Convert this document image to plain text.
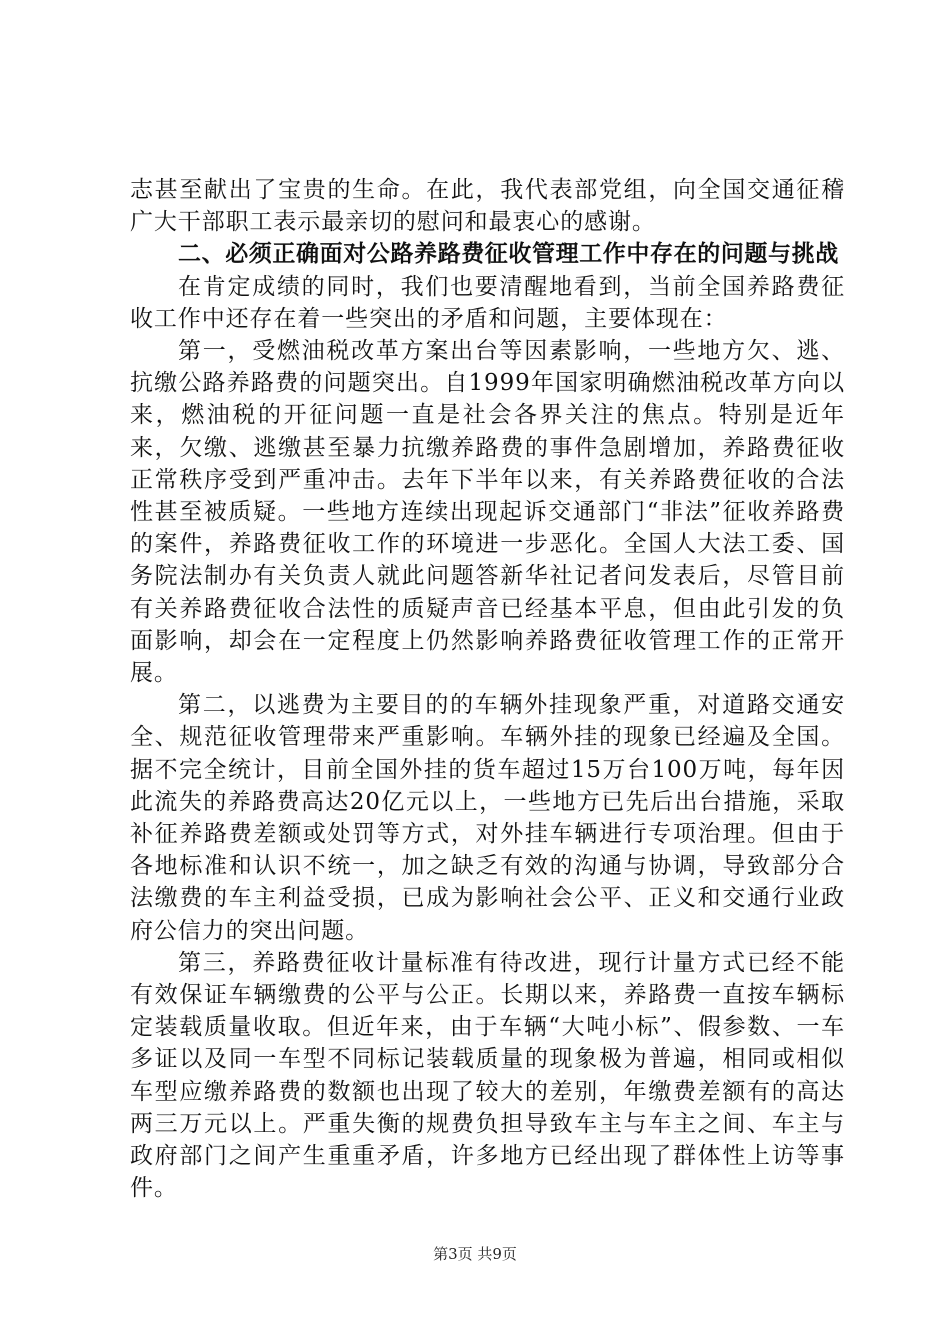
志甚至献出了宝贵的生命。在此，我代表部党组，向全国交通征稽广大干部职工表示最亲切的慰问和最衷心的感谢。

二、必须正确面对公路养路费征收管理工作中存在的问题与挑战

在肯定成绩的同时，我们也要清醒地看到，当前全国养路费征收工作中还存在着一些突出的矛盾和问题，主要体现在：

第一，受燃油税改革方案出台等因素影响，一些地方欠、逃、抗缴公路养路费的问题突出。自1999年国家明确燃油税改革方向以来，燃油税的开征问题一直是社会各界关注的焦点。特别是近年来，欠缴、逃缴甚至暴力抗缴养路费的事件急剧增加，养路费征收正常秩序受到严重冲击。去年下半年以来，有关养路费征收的合法性甚至被质疑。一些地方连续出现起诉交通部门“非法”征收养路费的案件，养路费征收工作的环境进一步恶化。全国人大法工委、国务院法制办有关负责人就此问题答新华社记者问发表后，尽管目前有关养路费征收合法性的质疑声音已经基本平息，但由此引发的负面影响，却会在一定程度上仍然影响养路费征收管理工作的正常开展。

第二，以逃费为主要目的的车辆外挂现象严重，对道路交通安全、规范征收管理带来严重影响。车辆外挂的现象已经遍及全国。据不完全统计，目前全国外挂的货车超过15万台100万吨，每年因此流失的养路费高达20亿元以上，一些地方已先后出台措施，采取补征养路费差额或处罚等方式，对外挂车辆进行专项治理。但由于各地标准和认识不统一，加之缺乏有效的沟通与协调，导致部分合法缴费的车主利益受损，已成为影响社会公平、正义和交通行业政府公信力的突出问题。

第三，养路费征收计量标准有待改进，现行计量方式已经不能有效保证车辆缴费的公平与公正。长期以来，养路费一直按车辆标定装载质量收取。但近年来，由于车辆“大吨小标”、假参数、一车多证以及同一车型不同标记装载质量的现象极为普遍，相同或相似车型应缴养路费的数额也出现了较大的差别，年缴费差额有的高达两三万元以上。严重失衡的规费负担导致车主与车主之间、车主与政府部门之间产生重重矛盾，许多地方已经出现了群体性上访等事件。

第3页 共9页
